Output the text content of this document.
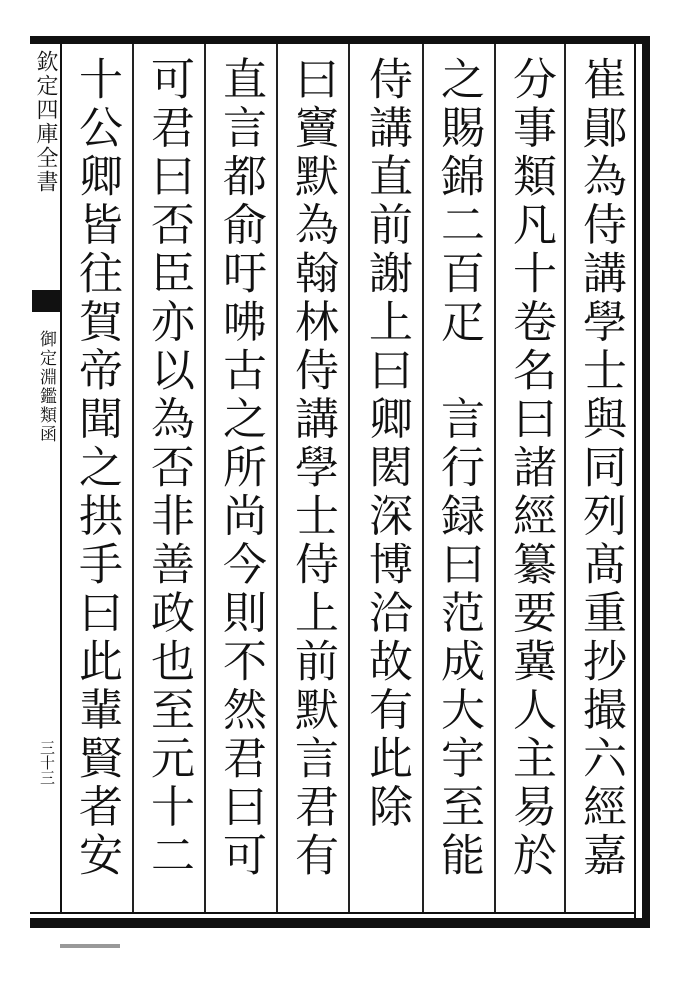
欽定四庫全書
御定淵鑑類函
三十三
崔鄖為侍講學士與同列髙重抄撮六經嘉
分事類凡十卷名曰諸經纂要冀人主易於
之賜錦二百疋　言行録曰范成大宇至能
侍講直前謝上曰卿閎深博洽故有此除　
曰竇默為翰林侍講學士侍上前默言君有
直言都俞吁咈古之所尚今則不然君曰可
可君曰否臣亦以為否非善政也至元十二
十公卿皆往賀帝聞之拱手曰此輩賢者安
